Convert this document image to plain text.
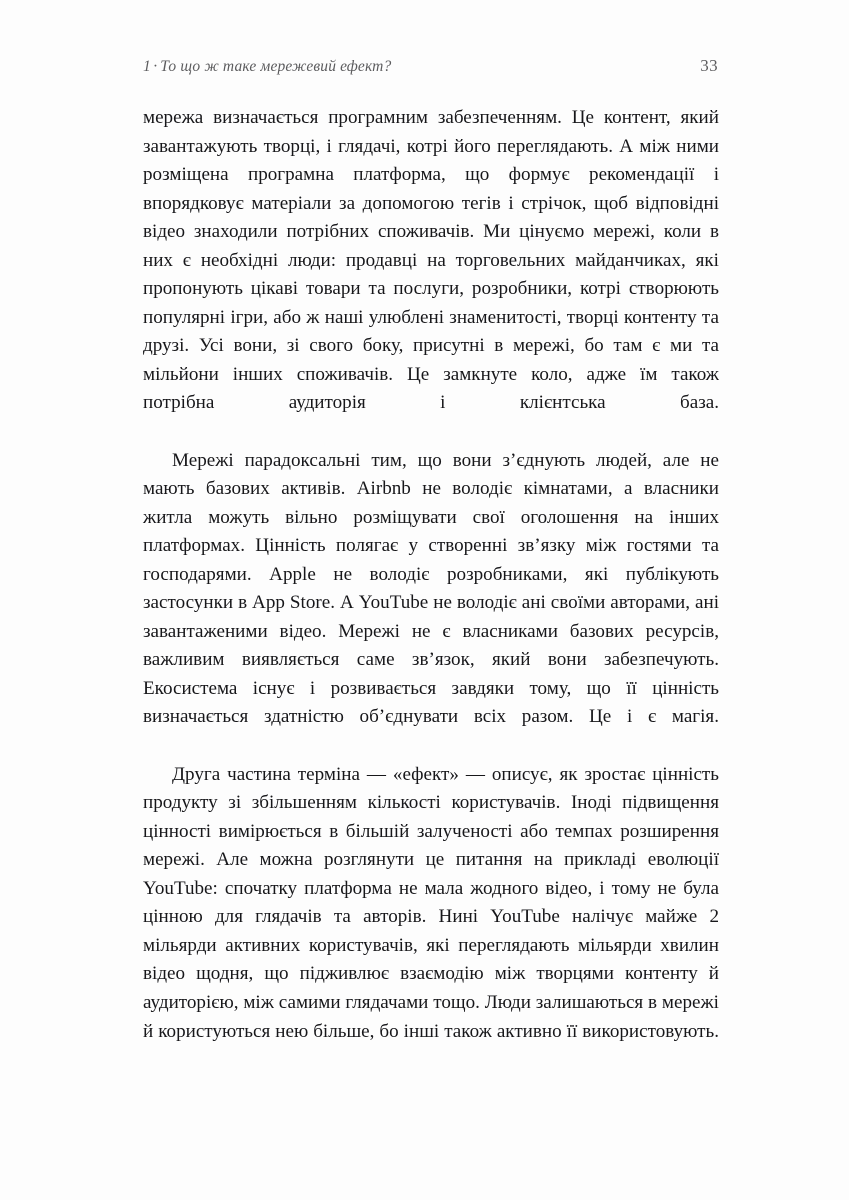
1 · То що ж таке мережевий ефект?	33

мережа визначається програмним забезпеченням. Це контент, який завантажують творці, і глядачі, котрі його переглядають. А між ними розміщена програмна платформа, що формує рекомендації і впорядковує матеріали за допомогою тегів і стрічок, щоб відповідні відео знаходили потрібних споживачів. Ми цінуємо мережі, коли в них є необхідні люди: продавці на торговельних майданчиках, які пропонують цікаві товари та послуги, розробники, котрі створюють популярні ігри, або ж наші улюблені знаменитості, творці контенту та друзі. Усі вони, зі свого боку, присутні в мережі, бо там є ми та мільйони інших споживачів. Це замкнуте коло, адже їм також потрібна аудиторія і клієнтська база.

Мережі парадоксальні тим, що вони з’єднують людей, але не мають базових активів. Airbnb не володіє кімнатами, а власники житла можуть вільно розміщувати свої оголошення на інших платформах. Цінність полягає у створенні зв’язку між гостями та господарями. Apple не володіє розробниками, які публікують застосунки в App Store. А YouTube не володіє ані своїми авторами, ані завантаженими відео. Мережі не є власниками базових ресурсів, важливим виявляється саме зв’язок, який вони забезпечують. Екосистема існує і розвивається завдяки тому, що її цінність визначається здатністю об’єднувати всіх разом. Це і є магія.

Друга частина терміна — «ефект» — описує, як зростає цінність продукту зі збільшенням кількості користувачів. Іноді підвищення цінності вимірюється в більшій залученості або темпах розширення мережі. Але можна розглянути це питання на прикладі еволюції YouTube: спочатку платформа не мала жодного відео, і тому не була цінною для глядачів та авторів. Нині YouTube налічує майже 2 мільярди активних користувачів, які переглядають мільярди хвилин відео щодня, що підживлює взаємодію між творцями контенту й аудиторією, між самими глядачами тощо. Люди залишаються в мережі й користуються нею більше, бо інші також активно її використовують.
